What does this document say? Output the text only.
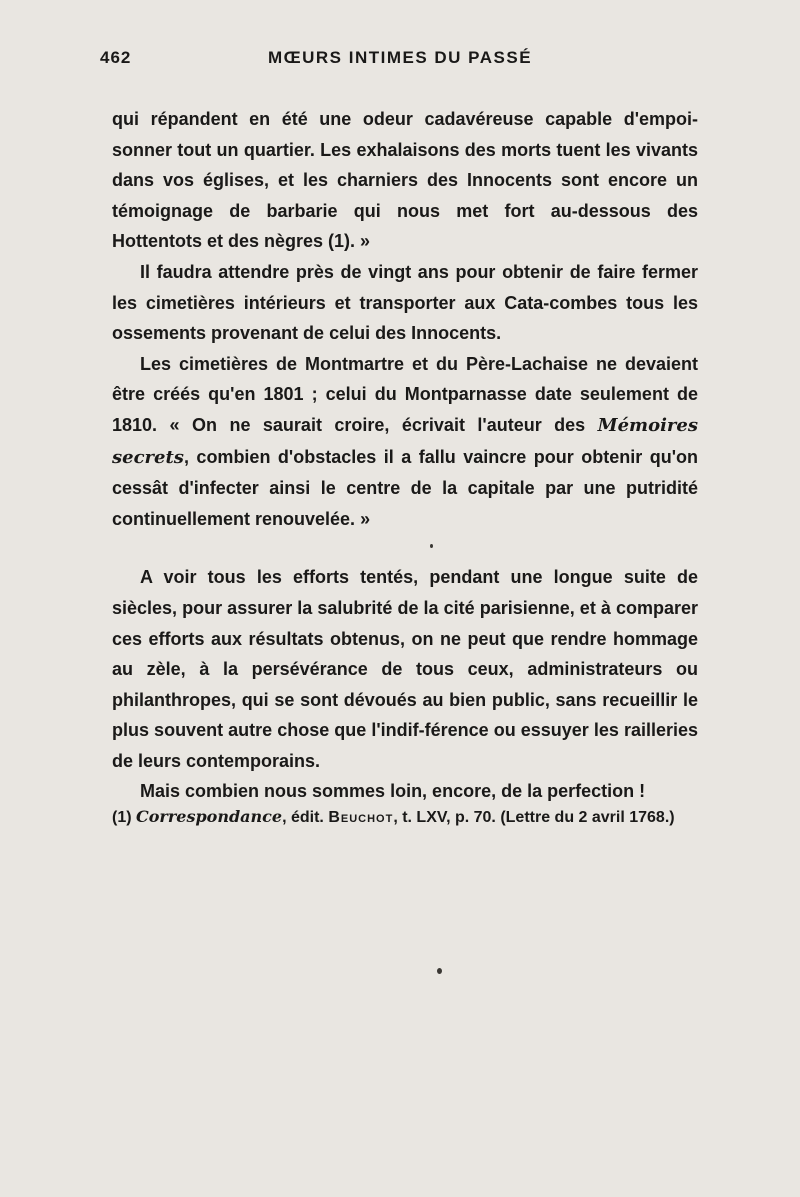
462	MŒURS INTIMES DU PASSÉ

qui répandent en été une odeur cadavéreuse capable d'empoi-sonner tout un quartier. Les exhalaisons des morts tuent les vivants dans vos églises, et les charniers des Innocents sont encore un témoignage de barbarie qui nous met fort au-dessous des Hottentots et des nègres (1). »

Il faudra attendre près de vingt ans pour obtenir de faire fermer les cimetières intérieurs et transporter aux Cata-combes tous les ossements provenant de celui des Innocents.

Les cimetières de Montmartre et du Père-Lachaise ne devaient être créés qu'en 1801 ; celui du Montparnasse date seulement de 1810. « On ne saurait croire, écrivait l'auteur des Mémoires secrets, combien d'obstacles il a fallu vaincre pour obtenir qu'on cessât d'infecter ainsi le centre de la capitale par une putridité continuellement renouvelée. »

A voir tous les efforts tentés, pendant une longue suite de siècles, pour assurer la salubrité de la cité parisienne, et à comparer ces efforts aux résultats obtenus, on ne peut que rendre hommage au zèle, à la persévérance de tous ceux, administrateurs ou philanthropes, qui se sont dévoués au bien public, sans recueillir le plus souvent autre chose que l'indif-férence ou essuyer les railleries de leurs contemporains.

Mais combien nous sommes loin, encore, de la perfection !

(1) Correspondance, édit. Beuchot, t. LXV, p. 70. (Lettre du 2 avril 1768.)
